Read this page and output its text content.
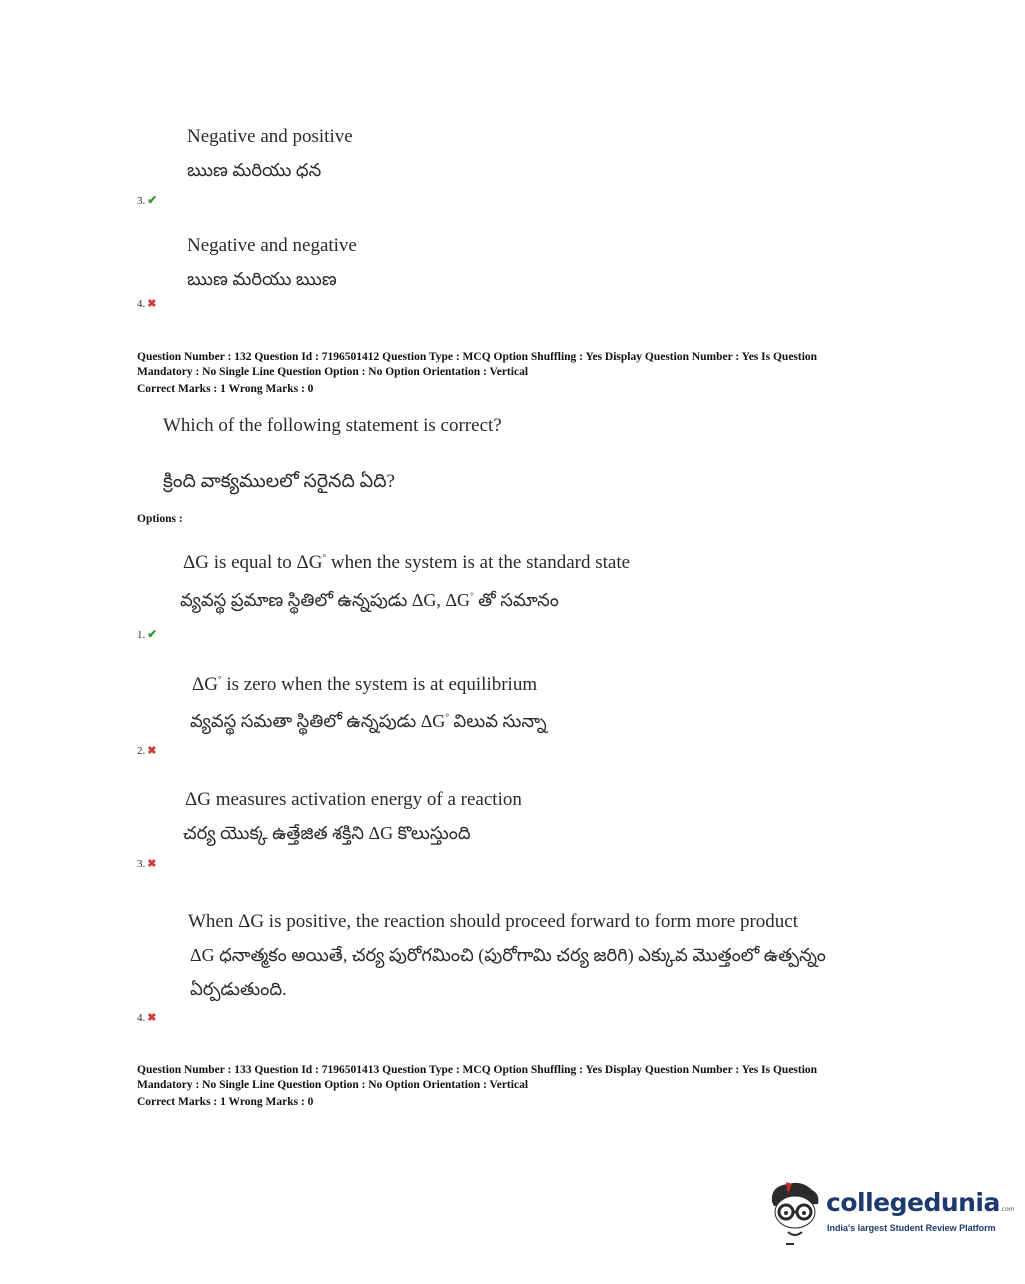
Negative and positive
ఋణ మరియు ధన
3. ✔
Negative and negative
ఋణ మరియు ఋణ
4. ✖
Question Number : 132 Question Id : 7196501412 Question Type : MCQ Option Shuffling : Yes Display Question Number : Yes Is Question
Mandatory : No Single Line Question Option : No Option Orientation : Vertical
Correct Marks : 1 Wrong Marks : 0
Which of the following statement is correct?
క్రింది వాక్యములలో సరైనది ఏది?
Options :
ΔG is equal to ΔG° when the system is at the standard state
వ్యవస్థ ప్రమాణ స్థితిలో ఉన్నపుడు ΔG, ΔG° తో సమానం
1. ✔
ΔG° is zero when the system is at equilibrium
వ్యవస్థ సమతా స్థితిలో ఉన్నపుడు ΔG° విలువ సున్నా
2. ✖
ΔG measures activation energy of a reaction
చర్య యొక్క ఉత్తేజిత శక్తిని ΔG కొలుస్తుంది
3. ✖
When ΔG is positive, the reaction should proceed forward to form more product
ΔG ధనాత్మకం అయితే, చర్య పురోగమించి (పురోగామి చర్య జరిగి) ఎక్కువ మొత్తంలో ఉత్పన్నం
ఏర్పడుతుంది.
4. ✖
Question Number : 133 Question Id : 7196501413 Question Type : MCQ Option Shuffling : Yes Display Question Number : Yes Is Question
Mandatory : No Single Line Question Option : No Option Orientation : Vertical
Correct Marks : 1 Wrong Marks : 0
collegedunia.com
India's largest Student Review Platform
